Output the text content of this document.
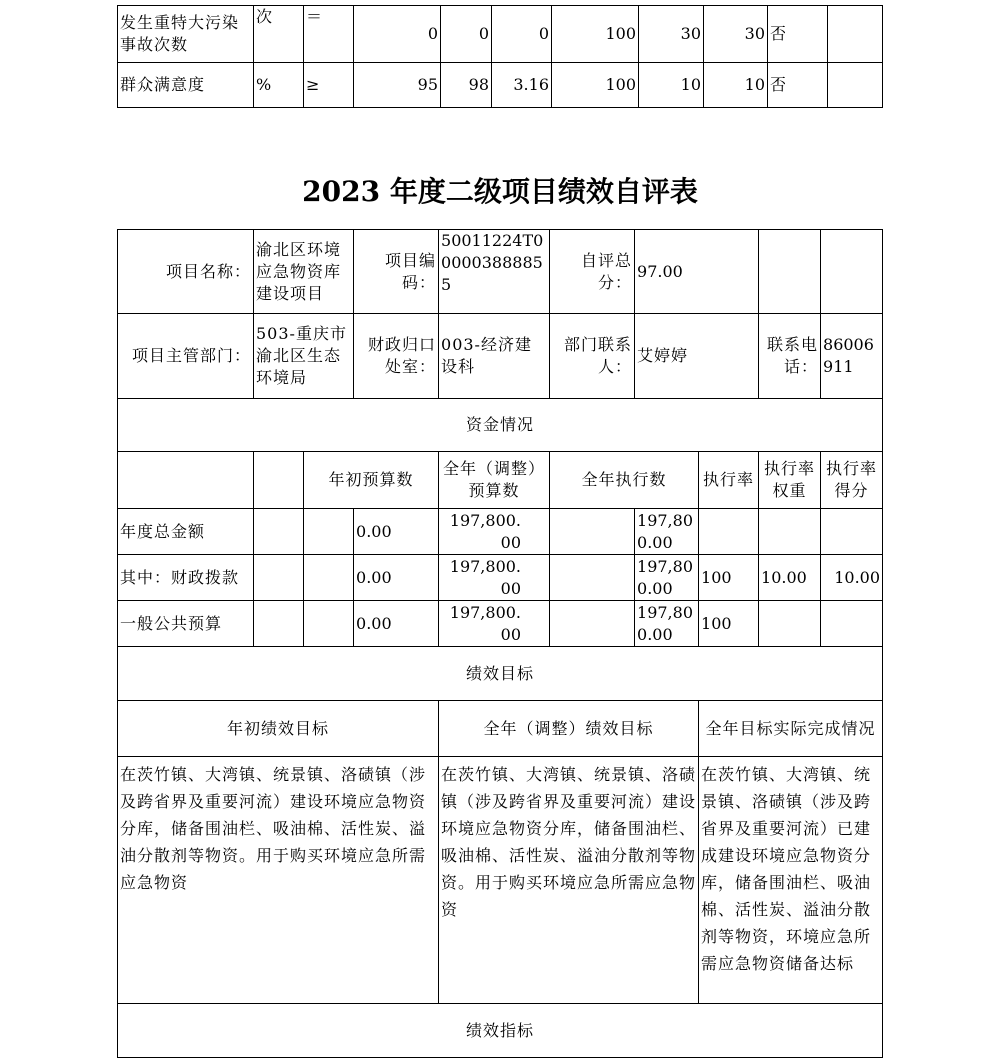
发生重特大污染事故次数	次	＝	0	0	0	100	30	30	否	
群众满意度	%	≥	95	98	3.16	100	10	10	否	
2023 年度二级项目绩效自评表
项目名称：	渝北区环境应急物资库建设项目		项目编码：	50011224T000003888855	自评总分：	97.00			
项目主管部门：	503-重庆市渝北区生态环境局		财政归口处室：	003-经济建设科	部门联系人：	艾婷婷		联系电话：	86006911
资金情况									
		年初预算数		全年（调整）预算数	全年执行数		执行率	执行率权重	执行率得分
年度总金额			0.00	197,800.00		197,800.00			
其中：财政拨款			0.00	197,800.00		197,800.00	100	10.00	10.00
一般公共预算			0.00	197,800.00		197,800.00	100		
绩效目标									
年初绩效目标				全年（调整）绩效目标			全年目标实际完成情况		
在茨竹镇、大湾镇、统景镇、洛碛镇（涉及跨省界及重要河流）建设环境应急物资分库，储备围油栏、吸油棉、活性炭、溢油分散剂等物资。用于购买环境应急所需应急物资				在茨竹镇、大湾镇、统景镇、洛碛镇（涉及跨省界及重要河流）建设环境应急物资分库，储备围油栏、吸油棉、活性炭、溢油分散剂等物资。用于购买环境应急所需应急物资			在茨竹镇、大湾镇、统景镇、洛碛镇（涉及跨省界及重要河流）已建成建设环境应急物资分库，储备围油栏、吸油棉、活性炭、溢油分散剂等物资，环境应急所需应急物资储备达标		
绩效指标									
